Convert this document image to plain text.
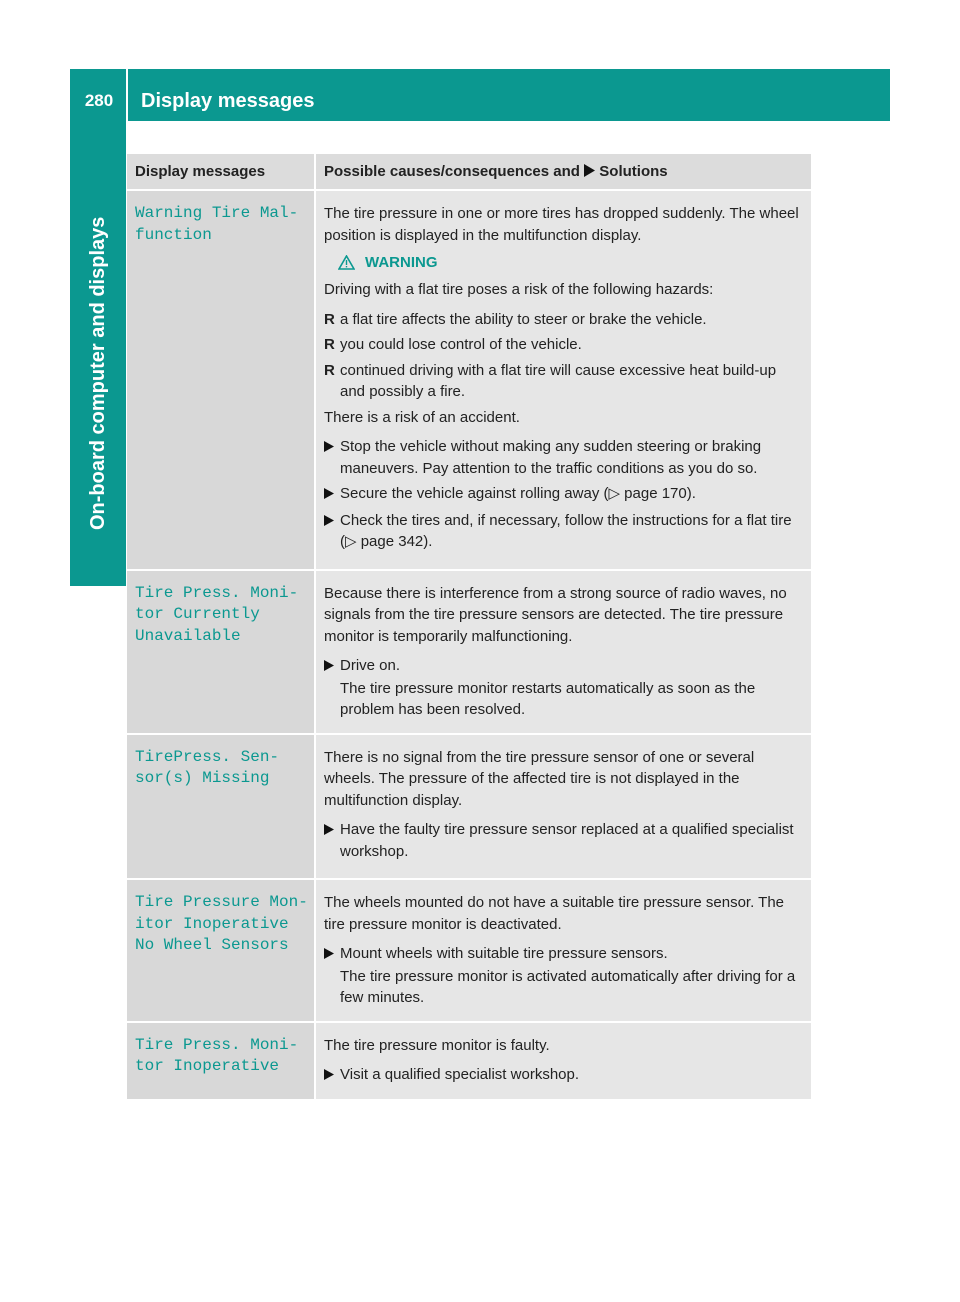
280	Display messages
On-board computer and displays
Display messages	Possible causes/consequences and  Solutions
Warning Tire Mal‐
function

The tire pressure in one or more tires has dropped suddenly. The wheel position is displayed in the multifunction display.

WARNING

Driving with a flat tire poses a risk of the following hazards:

R a flat tire affects the ability to steer or brake the vehicle.
R you could lose control of the vehicle.
R continued driving with a flat tire will cause excessive heat build-up and possibly a fire.

There is a risk of an accident.

Stop the vehicle without making any sudden steering or braking maneuvers. Pay attention to the traffic conditions as you do so.
Secure the vehicle against rolling away (▷ page 170).
Check the tires and, if necessary, follow the instructions for a flat tire (▷ page 342).
Tire Press. Moni‐
tor Currently
Unavailable

Because there is interference from a strong source of radio waves, no signals from the tire pressure sensors are detected. The tire pressure monitor is temporarily malfunctioning.

Drive on.

The tire pressure monitor restarts automatically as soon as the problem has been resolved.

TirePress. Sen‐
sor(s) Missing

There is no signal from the tire pressure sensor of one or several wheels. The pressure of the affected tire is not displayed in the multifunction display.

Have the faulty tire pressure sensor replaced at a qualified specialist workshop.
Tire Pressure Mon‐
itor Inoperative
No Wheel Sensors

The wheels mounted do not have a suitable tire pressure sensor. The tire pressure monitor is deactivated.

Mount wheels with suitable tire pressure sensors.

The tire pressure monitor is activated automatically after driving for a few minutes.

Tire Press. Moni‐
tor Inoperative

The tire pressure monitor is faulty.

Visit a qualified specialist workshop.
